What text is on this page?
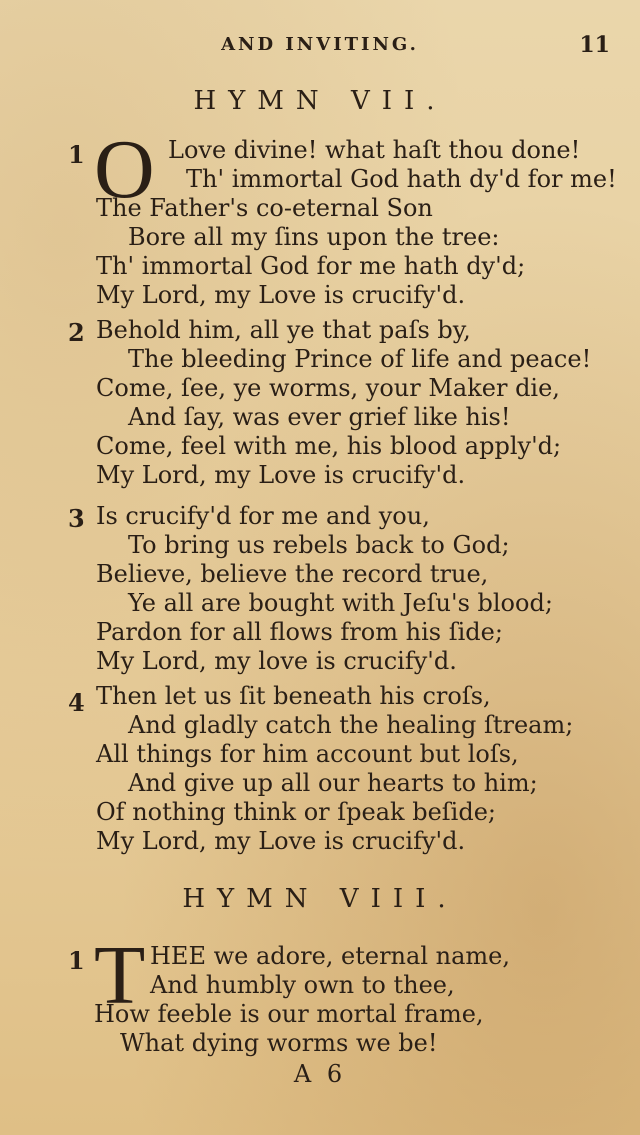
AND INVITING.	11
HYMN VII.
1 O Love divine! what haſt thou done!
Th' immortal God hath dy'd for me!
The Father's co-eternal Son
Bore all my ſins upon the tree:
Th' immortal God for me hath dy'd;
My Lord, my Love is crucify'd.
2 Behold him, all ye that paſs by,
The bleeding Prince of life and peace!
Come, ſee, ye worms, your Maker die,
And ſay, was ever grief like his!
Come, feel with me, his blood apply'd;
My Lord, my Love is crucify'd.
3 Is crucify'd for me and you,
To bring us rebels back to God;
Believe, believe the record true,
Ye all are bought with Jeſu's blood;
Pardon for all flows from his ſide;
My Lord, my love is crucify'd.
4 Then let us ſit beneath his croſs,
And gladly catch the healing ſtream;
All things for him account but loſs,
And give up all our hearts to him;
Of nothing think or ſpeak beſide;
My Lord, my Love is crucify'd.
HYMN VIII.
1 T HEE we adore, eternal name,
And humbly own to thee,
How feeble is our mortal frame,
What dying worms we be!
A 6
